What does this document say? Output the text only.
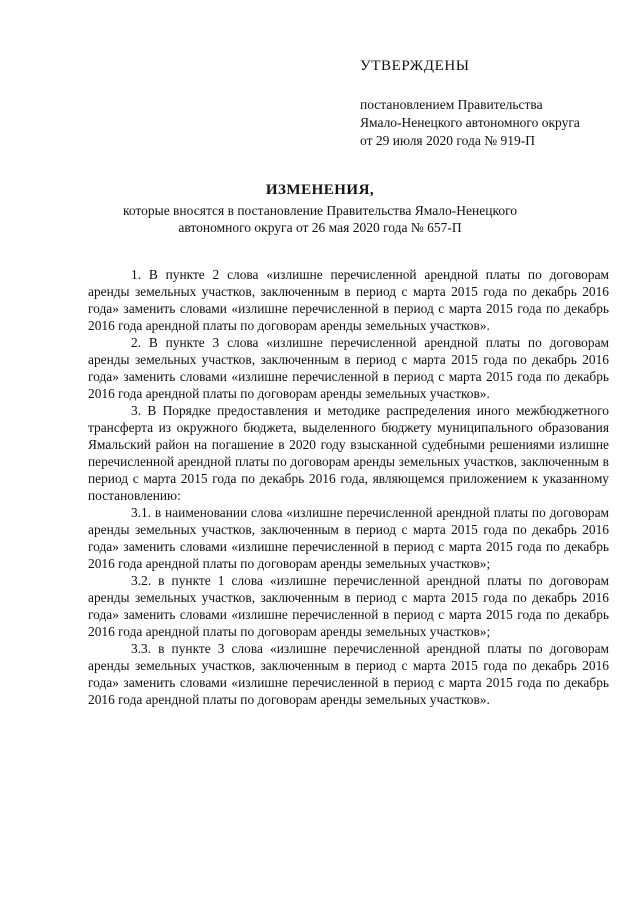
УТВЕРЖДЕНЫ
постановлением Правительства
Ямало-Ненецкого автономного округа
от 29 июля 2020 года № 919-П
ИЗМЕНЕНИЯ,
которые вносятся в постановление Правительства Ямало-Ненецкого
автономного округа от 26 мая 2020 года № 657-П

1. В пункте 2 слова «излишне перечисленной арендной платы по договорам аренды земельных участков, заключенным в период с марта 2015 года по декабрь 2016 года» заменить словами «излишне перечисленной в период с марта 2015 года по декабрь 2016 года арендной платы по договорам аренды земельных участков».

2. В пункте 3 слова «излишне перечисленной арендной платы по договорам аренды земельных участков, заключенным в период с марта 2015 года по декабрь 2016 года» заменить словами «излишне перечисленной в период с марта 2015 года по декабрь 2016 года арендной платы по договорам аренды земельных участков».

3. В Порядке предоставления и методике распределения иного межбюджетного трансферта из окружного бюджета, выделенного бюджету муниципального образования Ямальский район на погашение в 2020 году взысканной судебными решениями излишне перечисленной арендной платы по договорам аренды земельных участков, заключенным в период с марта 2015 года по декабрь 2016 года, являющемся приложением к указанному постановлению:

3.1. в наименовании слова «излишне перечисленной арендной платы по договорам аренды земельных участков, заключенным в период с марта 2015 года по декабрь 2016 года» заменить словами «излишне перечисленной в период с марта 2015 года по декабрь 2016 года арендной платы по договорам аренды земельных участков»;

3.2. в пункте 1 слова «излишне перечисленной арендной платы по договорам аренды земельных участков, заключенным в период с марта 2015 года по декабрь 2016 года» заменить словами «излишне перечисленной в период с марта 2015 года по декабрь 2016 года арендной платы по договорам аренды земельных участков»;

3.3. в пункте 3 слова «излишне перечисленной арендной платы по договорам аренды земельных участков, заключенным в период с марта 2015 года по декабрь 2016 года» заменить словами «излишне перечисленной в период с марта 2015 года по декабрь 2016 года арендной платы по договорам аренды земельных участков».
